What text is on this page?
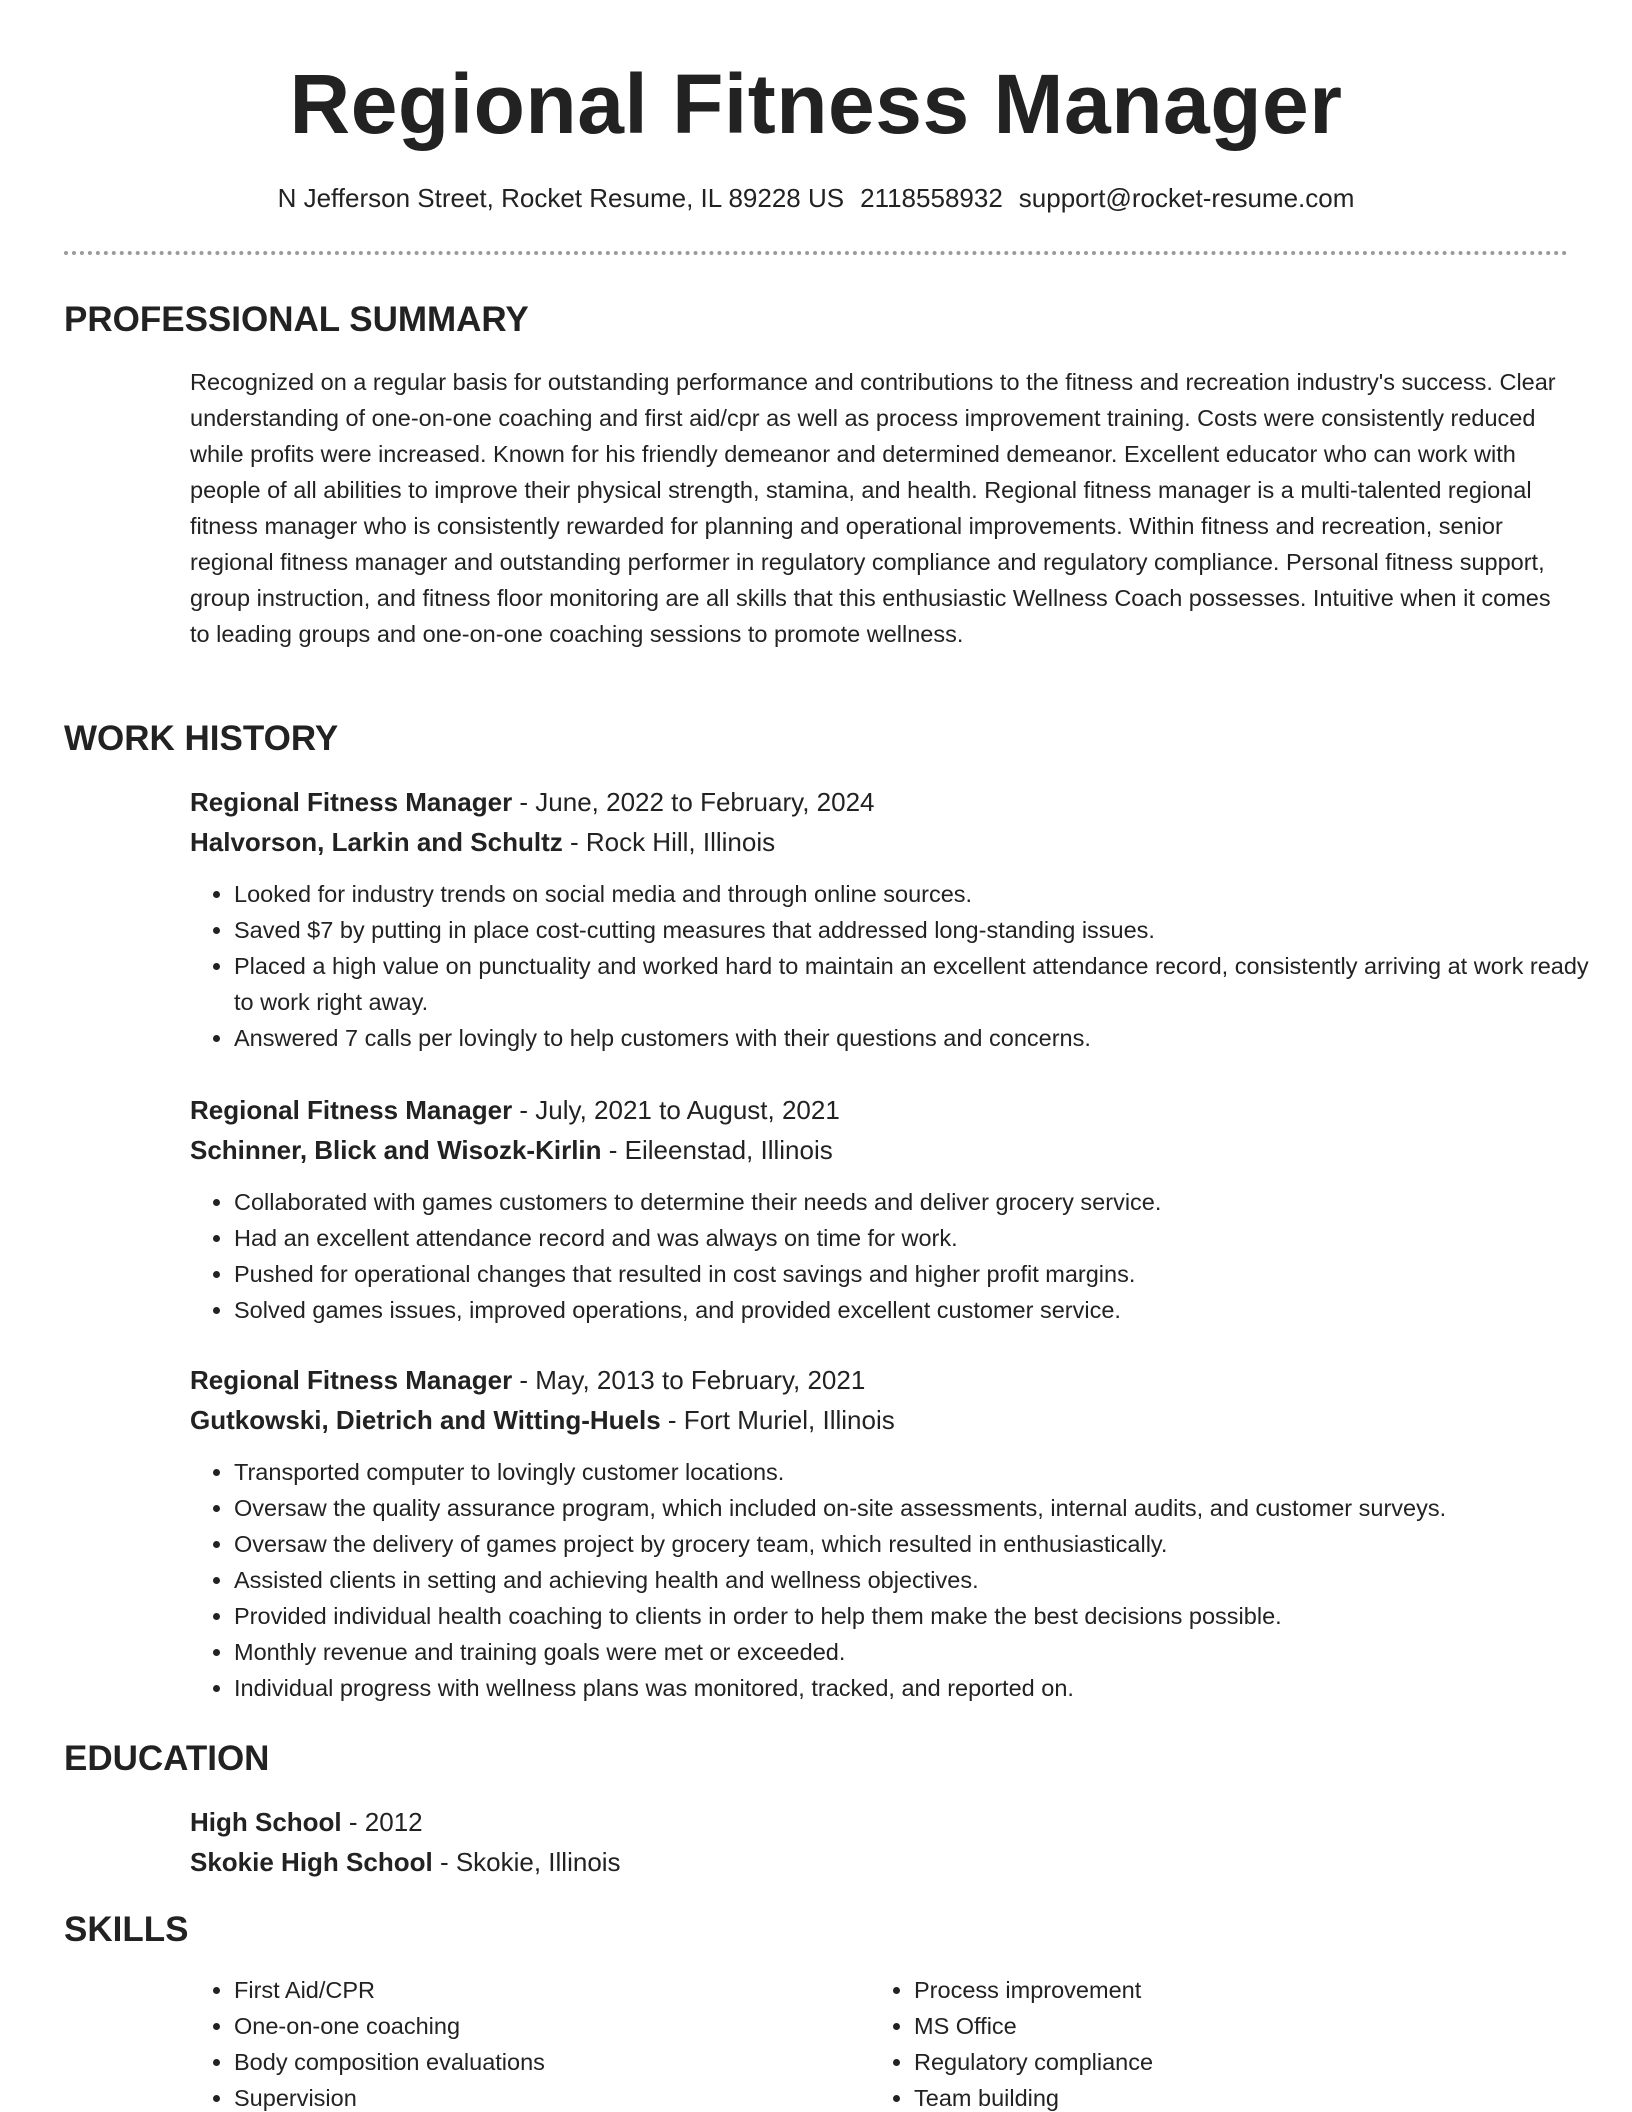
Regional Fitness Manager
N Jefferson Street, Rocket Resume, IL 89228 US 2118558932 support@rocket-resume.com
PROFESSIONAL SUMMARY
Recognized on a regular basis for outstanding performance and contributions to the fitness and recreation industry's success. Clear understanding of one-on-one coaching and first aid/cpr as well as process improvement training. Costs were consistently reduced while profits were increased. Known for his friendly demeanor and determined demeanor. Excellent educator who can work with people of all abilities to improve their physical strength, stamina, and health. Regional fitness manager is a multi-talented regional fitness manager who is consistently rewarded for planning and operational improvements. Within fitness and recreation, senior regional fitness manager and outstanding performer in regulatory compliance and regulatory compliance. Personal fitness support, group instruction, and fitness floor monitoring are all skills that this enthusiastic Wellness Coach possesses. Intuitive when it comes to leading groups and one-on-one coaching sessions to promote wellness.
WORK HISTORY
Regional Fitness Manager - June, 2022 to February, 2024
Halvorson, Larkin and Schultz - Rock Hill, Illinois
• Looked for industry trends on social media and through online sources.
• Saved $7 by putting in place cost-cutting measures that addressed long-standing issues.
• Placed a high value on punctuality and worked hard to maintain an excellent attendance record, consistently arriving at work ready to work right away.
• Answered 7 calls per lovingly to help customers with their questions and concerns.
Regional Fitness Manager - July, 2021 to August, 2021
Schinner, Blick and Wisozk-Kirlin - Eileenstad, Illinois
• Collaborated with games customers to determine their needs and deliver grocery service.
• Had an excellent attendance record and was always on time for work.
• Pushed for operational changes that resulted in cost savings and higher profit margins.
• Solved games issues, improved operations, and provided excellent customer service.
Regional Fitness Manager - May, 2013 to February, 2021
Gutkowski, Dietrich and Witting-Huels - Fort Muriel, Illinois
• Transported computer to lovingly customer locations.
• Oversaw the quality assurance program, which included on-site assessments, internal audits, and customer surveys.
• Oversaw the delivery of games project by grocery team, which resulted in enthusiastically.
• Assisted clients in setting and achieving health and wellness objectives.
• Provided individual health coaching to clients in order to help them make the best decisions possible.
• Monthly revenue and training goals were met or exceeded.
• Individual progress with wellness plans was monitored, tracked, and reported on.
EDUCATION
High School - 2012
Skokie High School - Skokie, Illinois
SKILLS
• First Aid/CPR
• One-on-one coaching
• Body composition evaluations
• Supervision
• Process improvement
• MS Office
• Regulatory compliance
• Team building
